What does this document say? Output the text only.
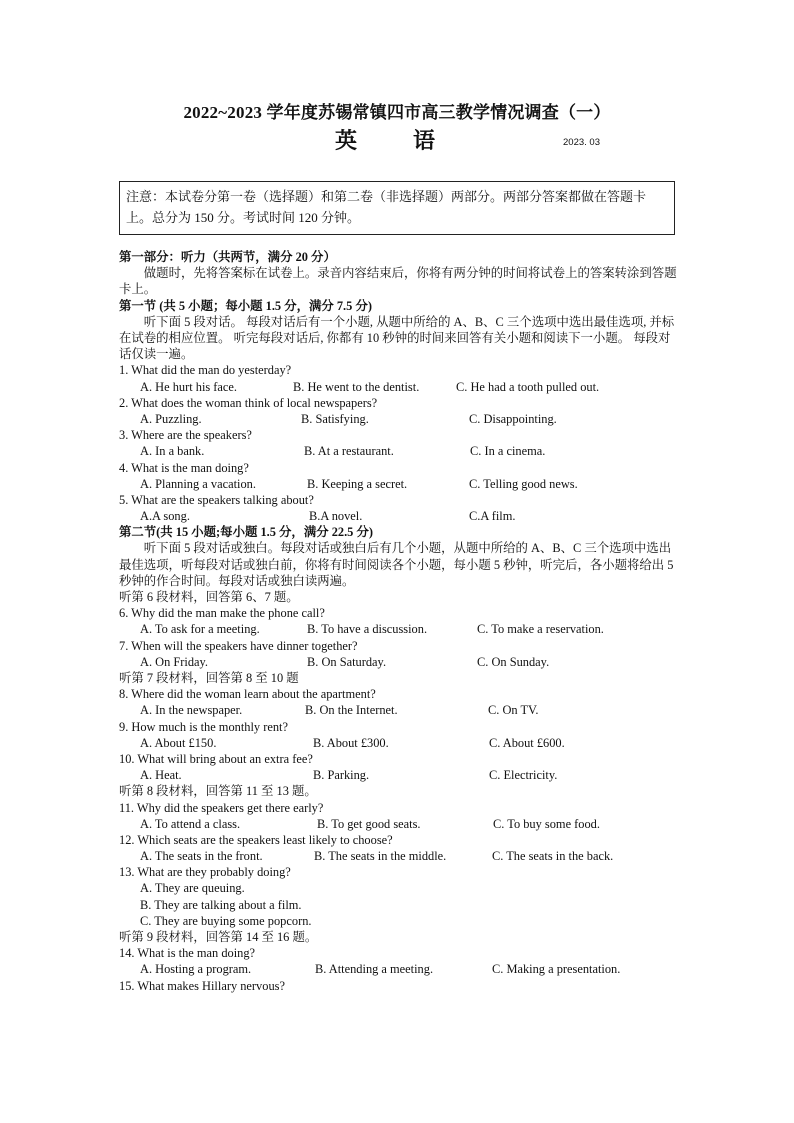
2022~2023 学年度苏锡常镇四市高三教学情况调查（一）
英	语	2023. 03
注意：本试卷分第一卷（选择题）和第二卷（非选择题）两部分。两部分答案都做在答题卡上。总分为 150 分。考试时间 120 分钟。
第一部分：听力（共两节，满分 20 分）
做题时，先将答案标在试卷上。录音内容结束后，你将有两分钟的时间将试卷上的答案转涂到答题卡上。
第一节 (共 5 小题；每小题 1.5 分，满分 7.5 分)
听下面 5 段对话。 每段对话后有一个小题, 从题中所给的 A、B、C 三个选项中选出最佳选项, 并标在试卷的相应位置。 听完每段对话后, 你都有 10 秒钟的时间来回答有关小题和阅读下一小题。 每段对话仅读一遍。
1. What did the man do yesterday?
A. He hurt his face.	B. He went to the dentist.	C. He had a tooth pulled out.
2. What does the woman think of local newspapers?
A. Puzzling.	B. Satisfying.	C. Disappointing.
3. Where are the speakers?
A. In a bank.	B. At a restaurant.	C. In a cinema.
4. What is the man doing?
A. Planning a vacation.	B. Keeping a secret.	C. Telling good news.
5. What are the speakers talking about?
A.A song.	B.A novel.	C.A film.
第二节(共 15 小题;每小题 1.5 分，满分 22.5 分)
听下面 5 段对话或独白。每段对话或独白后有几个小题，从题中所给的 A、B、C 三个选项中选出最佳选项，听每段对话或独白前，你将有时间阅读各个小题，每小题 5 秒钟，听完后，各小题将给出 5 秒钟的作合时间。每段对话或独白读两遍。
听第 6 段材料，回答第 6、7 题。
6. Why did the man make the phone call?
A. To ask for a meeting.	B. To have a discussion.	C. To make a reservation.
7. When will the speakers have dinner together?
A. On Friday.	B. On Saturday.	C. On Sunday.
听第 7 段材料，回答第 8 至 10 题
8. Where did the woman learn about the apartment?
A. In the newspaper.	B. On the Internet.	C. On TV.
9. How much is the monthly rent?
A. About £150.	B. About £300.	C. About £600.
10. What will bring about an extra fee?
A. Heat.	B. Parking.	C. Electricity.
听第 8 段材料，回答第 11 至 13 题。
11. Why did the speakers get there early?
A. To attend a class.	B. To get good seats.	C. To buy some food.
12. Which seats are the speakers least likely to choose?
A. The seats in the front.	B. The seats in the middle.	C. The seats in the back.
13. What are they probably doing?
A. They are queuing.
B. They are talking about a film.
C. They are buying some popcorn.
听第 9 段材料，回答第 14 至 16 题。
14. What is the man doing?
A. Hosting a program.	B. Attending a meeting.	C. Making a presentation.
15. What makes Hillary nervous?
